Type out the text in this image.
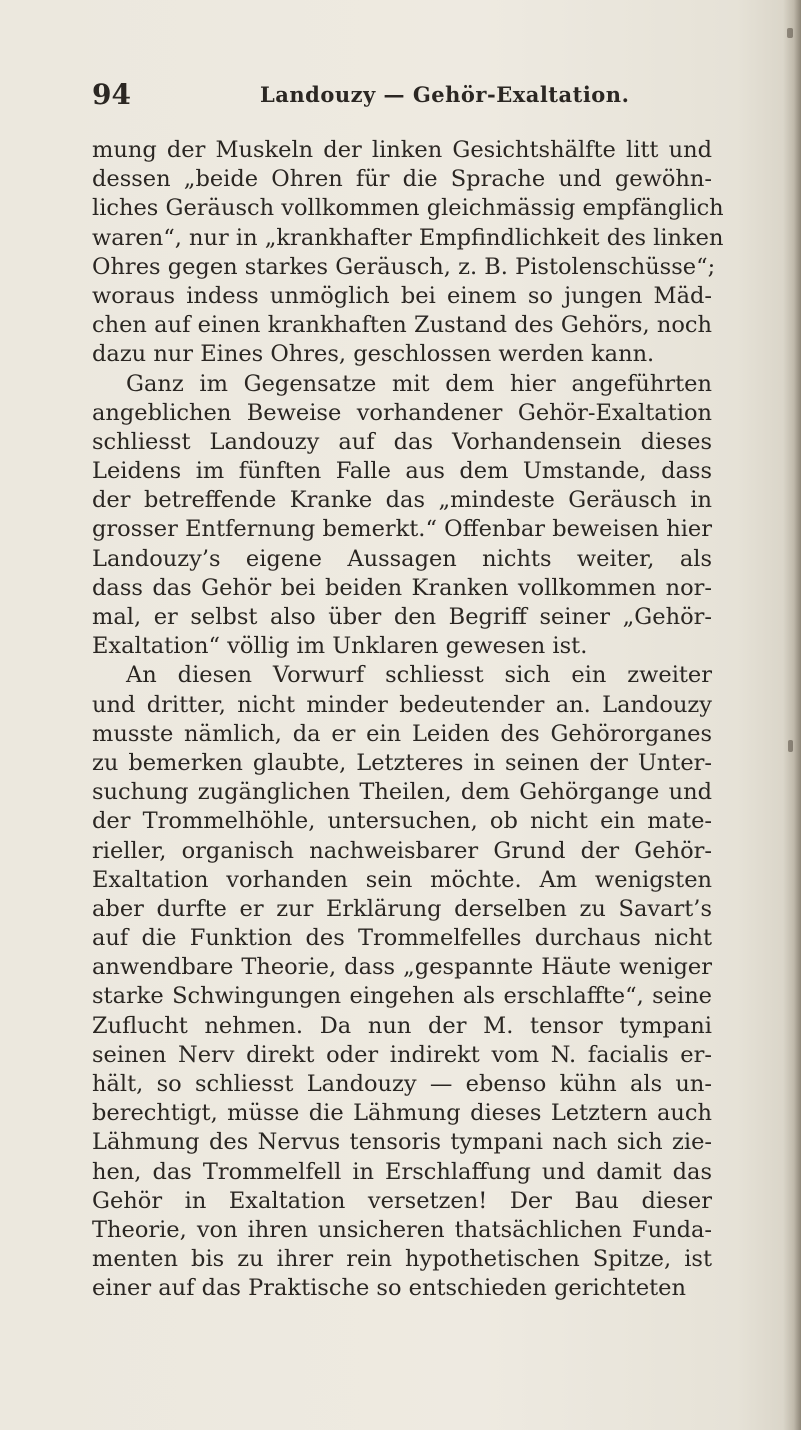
94	Landouzy — Gehör-Exaltation.
mung der Muskeln der linken Gesichtshälfte litt und
dessen „beide Ohren für die Sprache und gewöhn-
liches Geräusch vollkommen gleichmässig empfänglich
waren“, nur in „krankhafter Empfindlichkeit des linken
Ohres gegen starkes Geräusch, z. B. Pistolenschüsse“;
woraus indess unmöglich bei einem so jungen Mäd-
chen auf einen krankhaften Zustand des Gehörs, noch
dazu nur Eines Ohres, geschlossen werden kann.
Ganz im Gegensatze mit dem hier angeführten
angeblichen Beweise vorhandener Gehör-Exaltation
schliesst Landouzy auf das Vorhandensein dieses
Leidens im fünften Falle aus dem Umstande, dass
der betreffende Kranke das „mindeste Geräusch in
grosser Entfernung bemerkt.“ Offenbar beweisen hier
Landouzy’s eigene Aussagen nichts weiter, als
dass das Gehör bei beiden Kranken vollkommen nor-
mal, er selbst also über den Begriff seiner „Gehör-
Exaltation“ völlig im Unklaren gewesen ist.
An diesen Vorwurf schliesst sich ein zweiter
und dritter, nicht minder bedeutender an. Landouzy
musste nämlich, da er ein Leiden des Gehörorganes
zu bemerken glaubte, Letzteres in seinen der Unter-
suchung zugänglichen Theilen, dem Gehörgange und
der Trommelhöhle, untersuchen, ob nicht ein mate-
rieller, organisch nachweisbarer Grund der Gehör-
Exaltation vorhanden sein möchte. Am wenigsten
aber durfte er zur Erklärung derselben zu Savart’s
auf die Funktion des Trommelfelles durchaus nicht
anwendbare Theorie, dass „gespannte Häute weniger
starke Schwingungen eingehen als erschlaffte“, seine
Zuflucht nehmen. Da nun der M. tensor tympani
seinen Nerv direkt oder indirekt vom N. facialis er-
hält, so schliesst Landouzy — ebenso kühn als un-
berechtigt, müsse die Lähmung dieses Letztern auch
Lähmung des Nervus tensoris tympani nach sich zie-
hen, das Trommelfell in Erschlaffung und damit das
Gehör in Exaltation versetzen! Der Bau dieser
Theorie, von ihren unsicheren thatsächlichen Funda-
menten bis zu ihrer rein hypothetischen Spitze, ist
einer auf das Praktische so entschieden gerichteten
